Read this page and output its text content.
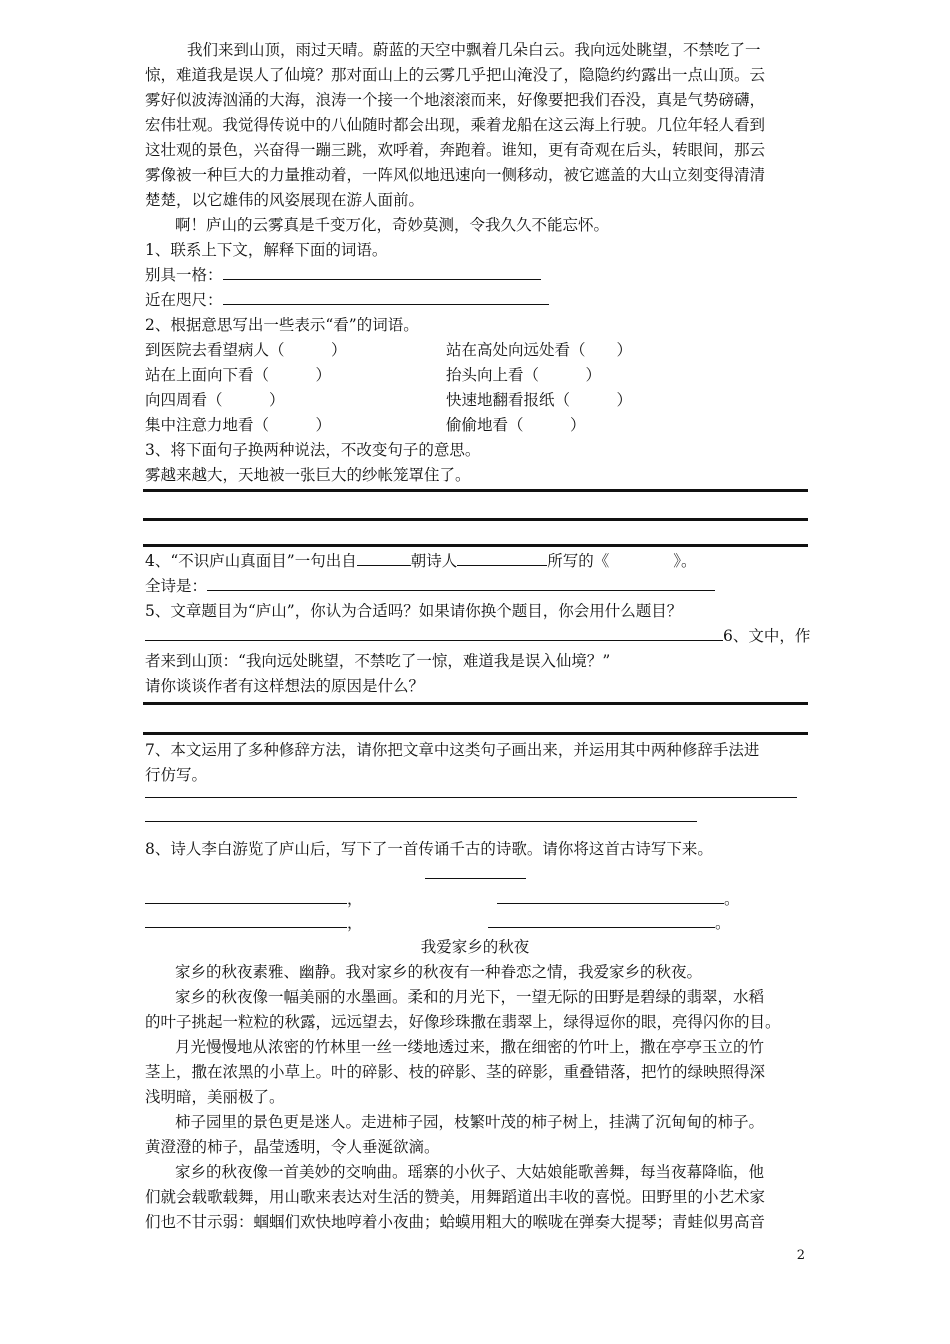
我们来到山顶，雨过天晴。蔚蓝的天空中飘着几朵白云。我向远处眺望，不禁吃了一
惊，难道我是误人了仙境？那对面山上的云雾几乎把山淹没了，隐隐约约露出一点山顶。云
雾好似波涛汹涌的大海，浪涛一个接一个地滚滚而来，好像要把我们吞没，真是气势磅礴，
宏伟壮观。我觉得传说中的八仙随时都会出现，乘着龙船在这云海上行驶。几位年轻人看到
这壮观的景色，兴奋得一蹦三跳，欢呼着，奔跑着。谁知，更有奇观在后头，转眼间，那云
雾像被一种巨大的力量推动着，一阵风似地迅速向一侧移动，被它遮盖的大山立刻变得清清
楚楚，以它雄伟的风姿展现在游人面前。
啊！庐山的云雾真是千变万化，奇妙莫测，令我久久不能忘怀。
1、联系上下文，解释下面的词语。
别具一格：
近在咫尺：
2、根据意思写出一些表示“看”的词语。
到医院去看望病人（　　　）	站在高处向远处看（　　）
站在上面向下看（　　　）	抬头向上看（　　　）
向四周看（　　　）	快速地翻看报纸（　　　）
集中注意力地看（　　　）	偷偷地看（　　　）
3、将下面句子换两种说法，不改变句子的意思。
雾越来越大，天地被一张巨大的纱帐笼罩住了。
4、“不识庐山真面目”一句出自	朝诗人	所写的《	》。
全诗是：
5、文章题目为“庐山”，你认为合适吗？如果请你换个题目，你会用什么题目？
6、文中，作
者来到山顶：“我向远处眺望，不禁吃了一惊，难道我是误入仙境？”
请你谈谈作者有这样想法的原因是什么？
7、本文运用了多种修辞方法，请你把文章中这类句子画出来，并运用其中两种修辞手法进
行仿写。
8、诗人李白游览了庐山后，写下了一首传诵千古的诗歌。请你将这首古诗写下来。
，	。
，	。
我爱家乡的秋夜
家乡的秋夜素雅、幽静。我对家乡的秋夜有一种眷恋之情，我爱家乡的秋夜。
家乡的秋夜像一幅美丽的水墨画。柔和的月光下，一望无际的田野是碧绿的翡翠，水稻
的叶子挑起一粒粒的秋露，远远望去，好像珍珠撒在翡翠上，绿得逗你的眼，亮得闪你的目。
月光慢慢地从浓密的竹林里一丝一缕地透过来，撒在细密的竹叶上，撒在亭亭玉立的竹
茎上，撒在浓黑的小草上。叶的碎影、枝的碎影、茎的碎影，重叠错落，把竹的绿映照得深
浅明暗，美丽极了。
柿子园里的景色更是迷人。走进柿子园，枝繁叶茂的柿子树上，挂满了沉甸甸的柿子。
黄澄澄的柿子，晶莹透明，令人垂涎欲滴。
家乡的秋夜像一首美妙的交响曲。瑶寨的小伙子、大姑娘能歌善舞，每当夜幕降临，他
们就会载歌载舞，用山歌来表达对生活的赞美，用舞蹈道出丰收的喜悦。田野里的小艺术家
们也不甘示弱：蝈蝈们欢快地哼着小夜曲；蛤蟆用粗大的喉咙在弹奏大提琴；青蛙似男高音
2
